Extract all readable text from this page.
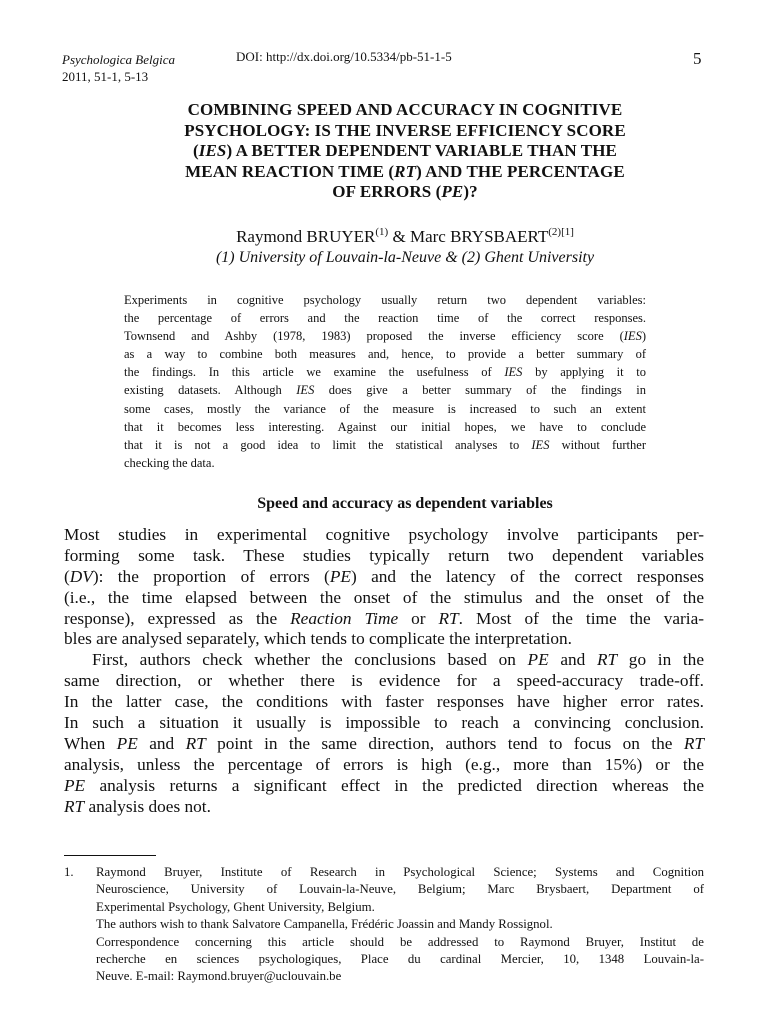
Psychologica Belgica
2011, 51-1, 5-13
DOI: http://dx.doi.org/10.5334/pb-51-1-5	5
COMBINING SPEED AND ACCURACY IN COGNITIVE
PSYCHOLOGY: IS THE INVERSE EFFICIENCY SCORE
(IES) A BETTER DEPENDENT VARIABLE THAN THE
MEAN REACTION TIME (RT) AND THE PERCENTAGE
OF ERRORS (PE)?
Raymond BRUYER$^{(1)}$ & Marc $BRYSBAERT^{(2)[1]}$
(1) University of Louvain-la-Neuve & (2) Ghent University
Experiments in cognitive psychology usually return two dependent variables:
the percentage of errors and the reaction time of the correct responses.
Townsend and Ashby (1978, 1983) proposed the inverse efficiency score (IES)
as a way to combine both measures and, hence, to provide a better summary of
the findings. In this article we examine the usefulness of IES by applying it to
existing datasets. Although IES does give a better summary of the findings in
some cases, mostly the variance of the measure is increased to such an extent
that it becomes less interesting. Against our initial hopes, we have to conclude
that it is not a good idea to limit the statistical analyses to IES without further
checking the data.
Speed and accuracy as dependent variables
Most studies in experimental cognitive psychology involve participants per-
forming some task. These studies typically return two dependent variables
(DV): the proportion of errors (PE) and the latency of the correct responses
(i.e., the time elapsed between the onset of the stimulus and the onset of the
response), expressed as the Reaction Time or RT. Most of the time the varia-
bles are analysed separately, which tends to complicate the interpretation.
First, authors check whether the conclusions based on PE and RT go in the
same direction, or whether there is evidence for a speed-accuracy trade-off.
In the latter case, the conditions with faster responses have higher error rates.
In such a situation it usually is impossible to reach a convincing conclusion.
When PE and RT point in the same direction, authors tend to focus on the RT
analysis, unless the percentage of errors is high (e.g., more than 15%) or the
PE analysis returns a significant effect in the predicted direction whereas the
RT analysis does not.
1. Raymond Bruyer, Institute of Research in Psychological Science; Systems and Cognition
Neuroscience, University of Louvain-la-Neuve, Belgium; Marc Brysbaert, Department of
Experimental Psychology, Ghent University, Belgium.
The authors wish to thank Salvatore Campanella, Frédéric Joassin and Mandy Rossignol.
Correspondence concerning this article should be addressed to Raymond Bruyer, Institut de
recherche en sciences psychologiques, Place du cardinal Mercier, 10, 1348 Louvain-la-
Neuve. E-mail: Raymond.bruyer@uclouvain.be
